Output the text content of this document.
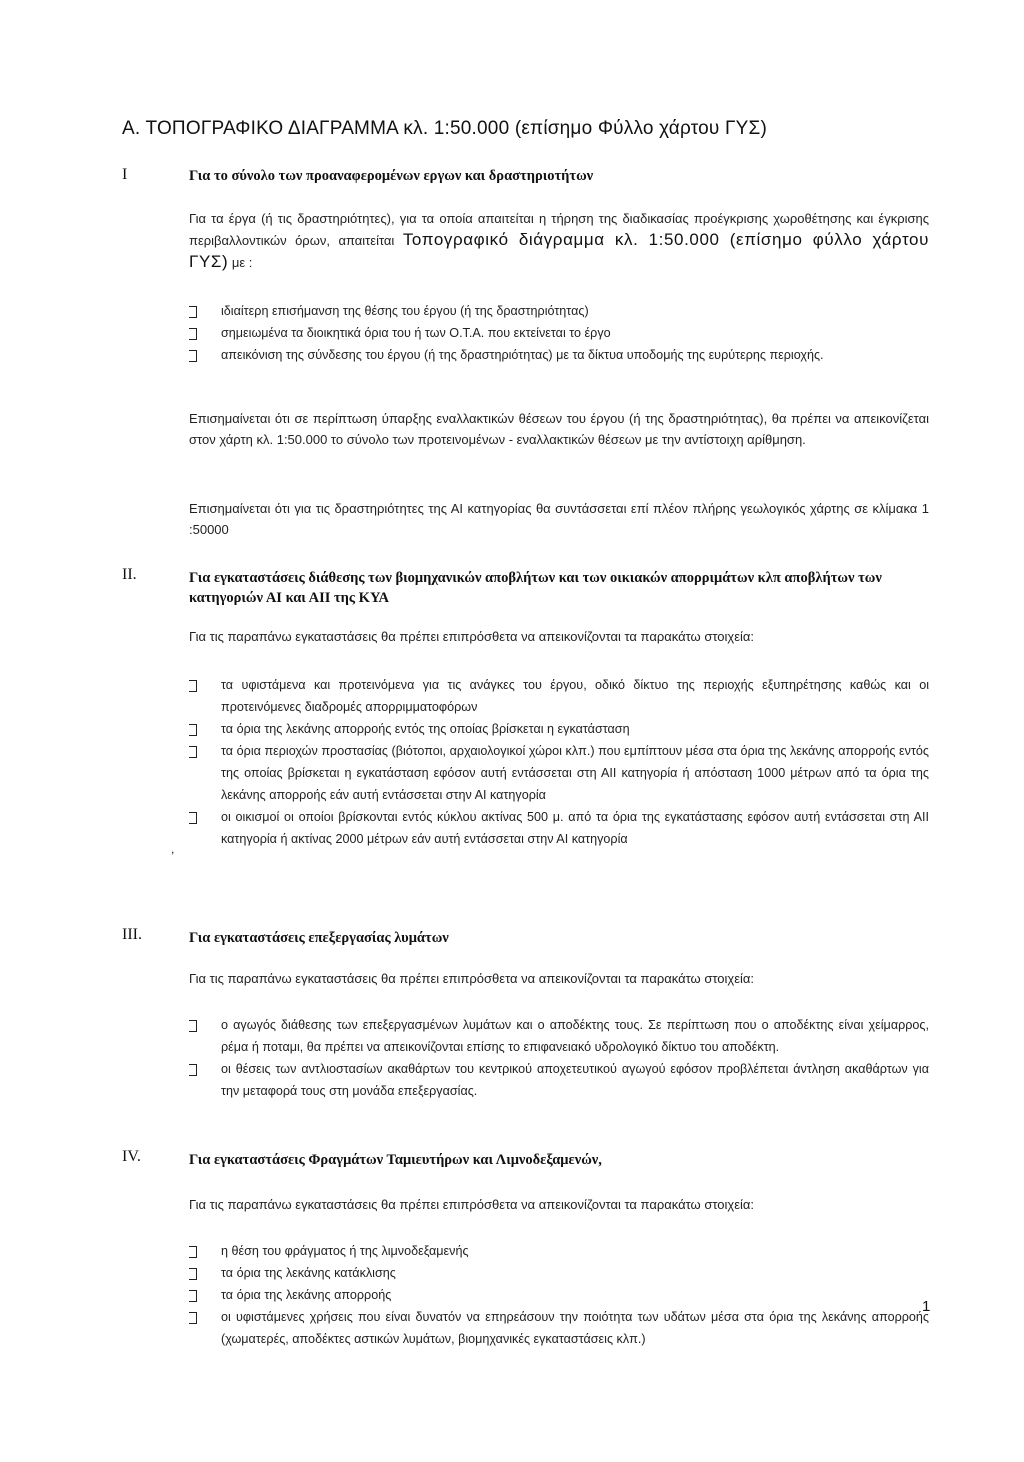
Α. ΤΟΠΟΓΡΑΦΙΚΟ ΔΙΑΓΡΑΜΜΑ κλ. 1:50.000 (επίσημο Φύλλο χάρτου ΓΥΣ)
I	Για το σύνολο των προαναφερομένων εργων και δραστηριοτήτων
Για τα έργα (ή τις δραστηριότητες), για τα οποία απαιτείται η τήρηση της διαδικασίας προέγκρισης χωροθέτησης και έγκρισης περιβαλλοντικών όρων, απαιτείται Τοπογραφικό διάγραμμα κλ. 1:50.000 (επίσημο φύλλο χάρτου ΓΥΣ) με :
ιδιαίτερη επισήμανση της θέσης του έργου (ή της δραστηριότητας)
σημειωμένα τα διοικητικά όρια του ή των Ο.Τ.Α. που εκτείνεται το έργο
απεικόνιση της σύνδεσης του έργου (ή της δραστηριότητας) με τα δίκτυα υποδομής της ευρύτερης περιοχής.
Επισημαίνεται ότι σε περίπτωση ύπαρξης εναλλακτικών θέσεων του έργου (ή της δραστηριότητας), θα πρέπει να απεικονίζεται στον χάρτη κλ. 1:50.000 το σύνολο των προτεινομένων - εναλλακτικών θέσεων με την αντίστοιχη αρίθμηση.
Επισημαίνεται ότι για τις δραστηριότητες της ΑΙ κατηγορίας θα συντάσσεται επί πλέον πλήρης γεωλογικός χάρτης σε κλίμακα 1 :50000
II.	Για εγκαταστάσεις διάθεσης των βιομηχανικών αποβλήτων και των οικιακών απορριμάτων κλπ αποβλήτων των κατηγοριών ΑΙ και ΑΙΙ της ΚΥΑ
Για τις παραπάνω εγκαταστάσεις θα πρέπει επιπρόσθετα να απεικονίζονται τα παρακάτω στοιχεία:
τα υφιστάμενα και προτεινόμενα για τις ανάγκες του έργου, οδικό δίκτυο της περιοχής εξυπηρέτησης καθώς και οι προτεινόμενες διαδρομές απορριμματοφόρων
τα όρια της λεκάνης απορροής εντός της οποίας βρίσκεται η εγκατάσταση
τα όρια περιοχών προστασίας (βιότοποι, αρχαιολογικοί χώροι κλπ.) που εμπίπτουν μέσα στα όρια της λεκάνης απορροής εντός της οποίας βρίσκεται η εγκατάσταση εφόσον αυτή εντάσσεται στη ΑΙΙ κατηγορία ή απόσταση 1000 μέτρων από τα όρια της λεκάνης απορροής εάν αυτή εντάσσεται στην ΑΙ κατηγορία
οι οικισμοί οι οποίοι βρίσκονται εντός κύκλου ακτίνας 500 μ. από τα όρια της εγκατάστασης εφόσον αυτή εντάσσεται στη ΑΙΙ κατηγορία ή ακτίνας 2000 μέτρων εάν αυτή εντάσσεται στην ΑΙ κατηγορία
,
III.	Για εγκαταστάσεις επεξεργασίας λυμάτων
Για τις παραπάνω εγκαταστάσεις θα πρέπει επιπρόσθετα να απεικονίζονται τα παρακάτω στοιχεία:
ο αγωγός διάθεσης των επεξεργασμένων λυμάτων και ο αποδέκτης τους. Σε περίπτωση που ο αποδέκτης είναι χείμαρρος, ρέμα ή ποταμι, θα πρέπει να απεικονίζονται επίσης το επιφανειακό υδρολογικό δίκτυο του αποδέκτη.
οι θέσεις των αντλιοστασίων ακαθάρτων του κεντρικού αποχετευτικού αγωγού εφόσον προβλέπεται άντληση ακαθάρτων για την μεταφορά τους στη μονάδα επεξεργασίας.
IV.	Για εγκαταστάσεις Φραγμάτων Ταμιευτήρων και Λιμνοδεξαμενών,
Για τις παραπάνω εγκαταστάσεις θα πρέπει επιπρόσθετα να απεικονίζονται τα παρακάτω στοιχεία:
η θέση του φράγματος ή της λιμνοδεξαμενής
τα όρια της λεκάνης κατάκλισης
τα όρια της λεκάνης απορροής
οι υφιστάμενες χρήσεις που είναι δυνατόν να επηρεάσουν την ποιότητα των υδάτων μέσα στα όρια της λεκάνης απορροής (χωματερές, αποδέκτες αστικών λυμάτων, βιομηχανικές εγκαταστάσεις κλπ.)
1
